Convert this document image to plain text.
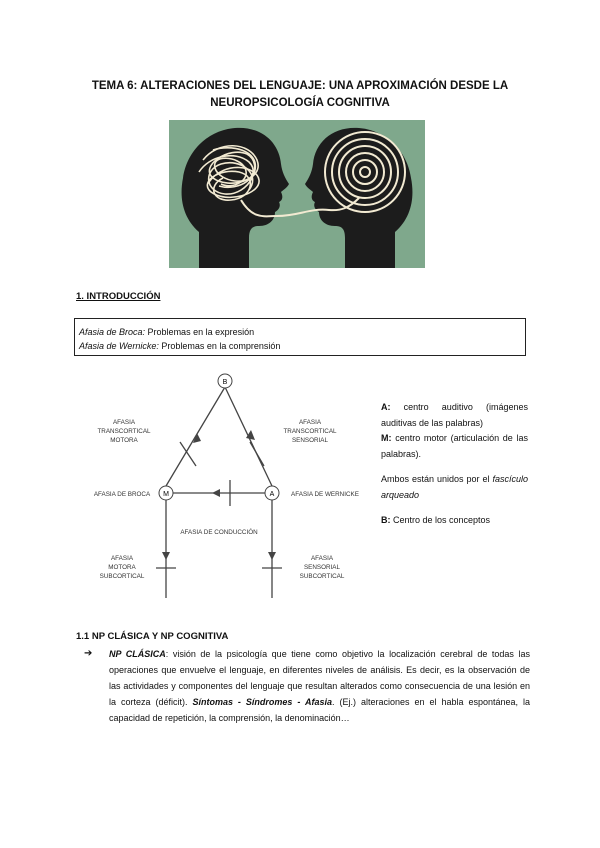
TEMA 6: ALTERACIONES DEL LENGUAJE: UNA APROXIMACIÓN DESDE LA
NEUROPSICOLOGÍA COGNITIVA
1. INTRODUCCIÓN
Afasia de Broca: Problemas en la expresión
Afasia de Wernicke: Problemas en la comprensión
B
M	A
AFASIA
TRANSCORTICAL
MOTORA
AFASIA
TRANSCORTICAL
SENSORIAL
AFASIA DE BROCA	AFASIA DE WERNICKE
AFASIA DE CONDUCCIÓN
AFASIA
MOTORA
SUBCORTICAL
AFASIA
SENSORIAL
SUBCORTICAL

A: centro auditivo (imágenes auditivas de las palabras)
M: centro motor (articulación de las palabras).

Ambos están unidos por el fascículo arqueado

B: Centro de los conceptos

1.1 NP CLÁSICA Y NP COGNITIVA
➔ NP CLÁSICA: visión de la psicología que tiene como objetivo la localización cerebral de todas las operaciones que envuelve el lenguaje, en diferentes niveles de análisis. Es decir, es la observación de las actividades y componentes del lenguaje que resultan alterados como consecuencia de una lesión en la corteza (déficit). Síntomas - Síndromes - Afasia. (Ej.) alteraciones en el habla espontánea, la capacidad de repetición, la comprensión, la denominación…
